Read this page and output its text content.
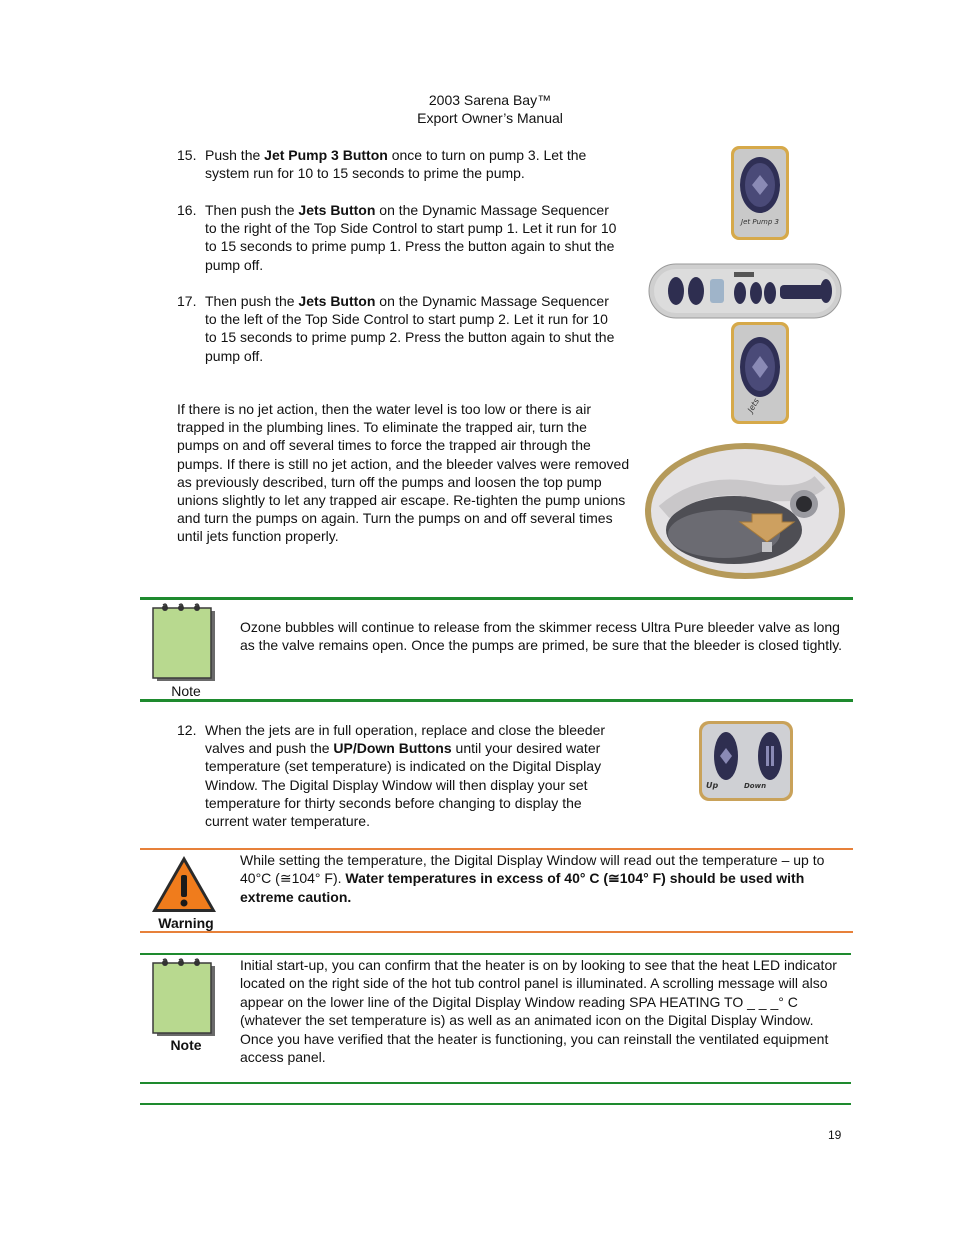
2003 Sarena Bay™
Export Owner’s Manual
15. Push the Jet Pump 3 Button once to turn on pump 3. Let the system run for 10 to 15 seconds to prime the pump.
16. Then push the Jets Button on the Dynamic Massage Sequencer to the right of the Top Side Control to start pump 1. Let it run for 10 to 15 seconds to prime pump 1. Press the button again to shut the pump off.
17. Then push the Jets Button on the Dynamic Massage Sequencer to the left of the Top Side Control to start pump 2. Let it run for 10 to 15 seconds to prime pump 2. Press the button again to shut the pump off.
If there is no jet action, then the water level is too low or there is air trapped in the plumbing lines. To eliminate the trapped air, turn the pumps on and off several times to force the trapped air through the pumps. If there is still no jet action, and the bleeder valves were removed as previously described, turn off the pumps and loosen the top pump unions slightly to let any trapped air escape. Re-tighten the pump unions and turn the pumps on again. Turn the pumps on and off several times until jets function properly.
Jet Pump 3
Jets
Note
Ozone bubbles will continue to release from the skimmer recess Ultra Pure bleeder valve as long as the valve remains open. Once the pumps are primed, be sure that the bleeder is closed tightly.
12. When the jets are in full operation, replace and close the bleeder valves and push the UP/Down Buttons until your desired water temperature (set temperature) is indicated on the Digital Display Window. The Digital Display Window will then display your set temperature for thirty seconds before changing to display the current water temperature.
Up	Down
Warning
While setting the temperature, the Digital Display Window will read out the temperature – up to 40°C (≅104° F). Water temperatures in excess of 40° C (≅104° F) should be used with extreme caution.
Note
Initial start-up, you can confirm that the heater is on by looking to see that the heat LED indicator located on the right side of the hot tub control panel is illuminated. A scrolling message will also appear on the lower line of the Digital Display Window reading SPA HEATING TO _ _ _° C (whatever the set temperature is) as well as an animated icon on the Digital Display Window. Once you have verified that the heater is functioning, you can reinstall the ventilated equipment access panel.
19
